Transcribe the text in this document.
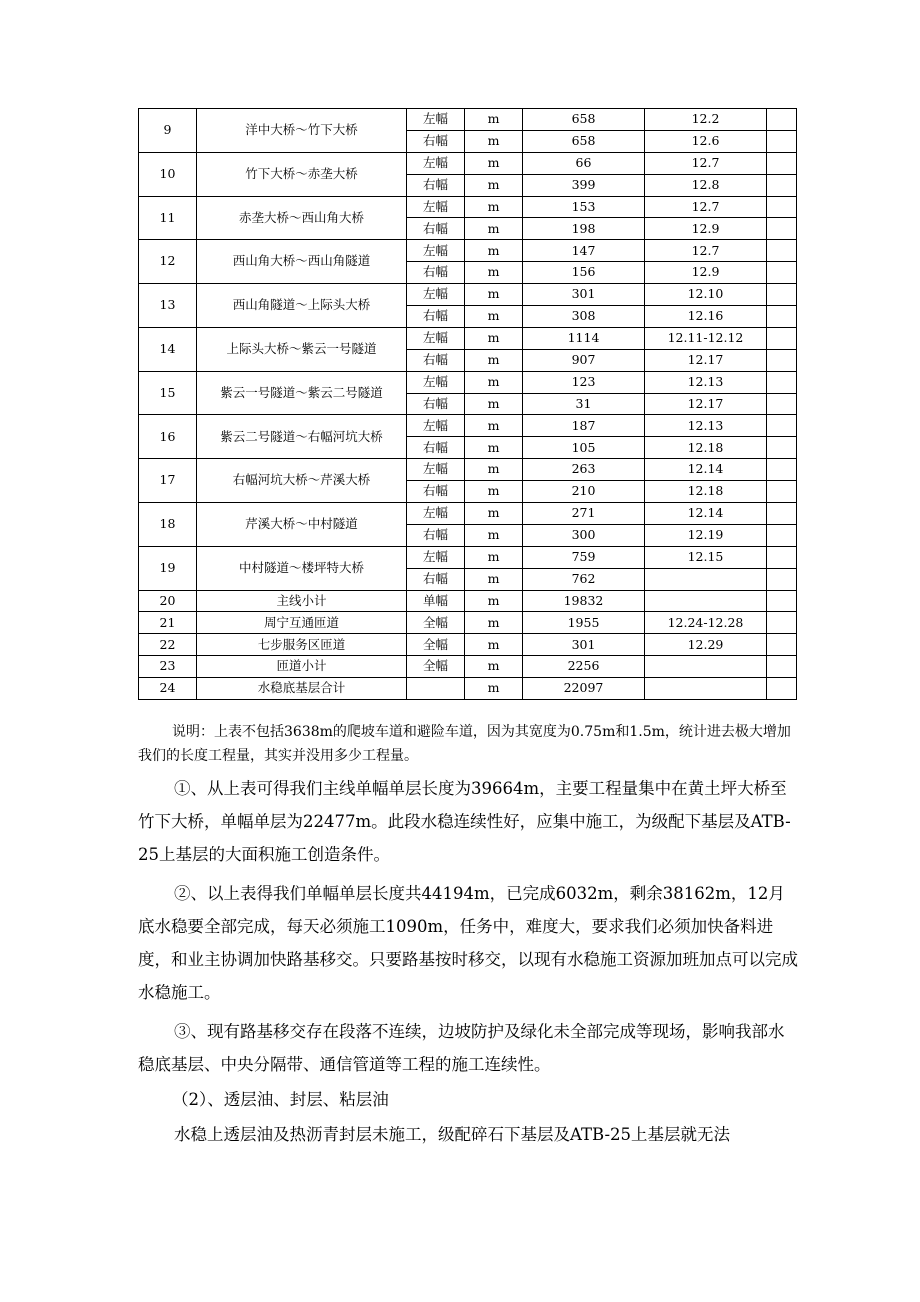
9	洋中大桥～竹下大桥	左幅	m	658	12.2	
		右幅	m	658	12.6	
10	竹下大桥～赤垄大桥	左幅	m	66	12.7	
		右幅	m	399	12.8	
11	赤垄大桥～西山角大桥	左幅	m	153	12.7	
		右幅	m	198	12.9	
12	西山角大桥～西山角隧道	左幅	m	147	12.7	
		右幅	m	156	12.9	
13	西山角隧道～上际头大桥	左幅	m	301	12.10	
		右幅	m	308	12.16	
14	上际头大桥～紫云一号隧道	左幅	m	1114	12.11-12.12	
		右幅	m	907	12.17	
15	紫云一号隧道～紫云二号隧道	左幅	m	123	12.13	
		右幅	m	31	12.17	
16	紫云二号隧道～右幅河坑大桥	左幅	m	187	12.13	
		右幅	m	105	12.18	
17	右幅河坑大桥～芹溪大桥	左幅	m	263	12.14	
		右幅	m	210	12.18	
18	芹溪大桥～中村隧道	左幅	m	271	12.14	
		右幅	m	300	12.19	
19	中村隧道～楼坪特大桥	左幅	m	759	12.15	
		右幅	m	762		
20	主线小计	单幅	m	19832		
21	周宁互通匝道	全幅	m	1955	12.24-12.28	
22	七步服务区匝道	全幅	m	301	12.29	
23	匝道小计	全幅	m	2256		
24	水稳底基层合计		m	22097		

说明：上表不包括3638m的爬坡车道和避险车道，因为其宽度为0.75m和1.5m，统计进去极大增加我们的长度工程量，其实并没用多少工程量。

①、从上表可得我们主线单幅单层长度为39664m，主要工程量集中在黄土坪大桥至竹下大桥，单幅单层为22477m。此段水稳连续性好，应集中施工，为级配下基层及ATB-25上基层的大面积施工创造条件。

②、以上表得我们单幅单层长度共44194m，已完成6032m，剩余38162m，12月底水稳要全部完成，每天必须施工1090m，任务中，难度大，要求我们必须加快备料进度，和业主协调加快路基移交。只要路基按时移交，以现有水稳施工资源加班加点可以完成水稳施工。

③、现有路基移交存在段落不连续，边坡防护及绿化未全部完成等现场，影响我部水稳底基层、中央分隔带、通信管道等工程的施工连续性。

（2）、透层油、封层、粘层油

水稳上透层油及热沥青封层未施工，级配碎石下基层及ATB-25上基层就无法
